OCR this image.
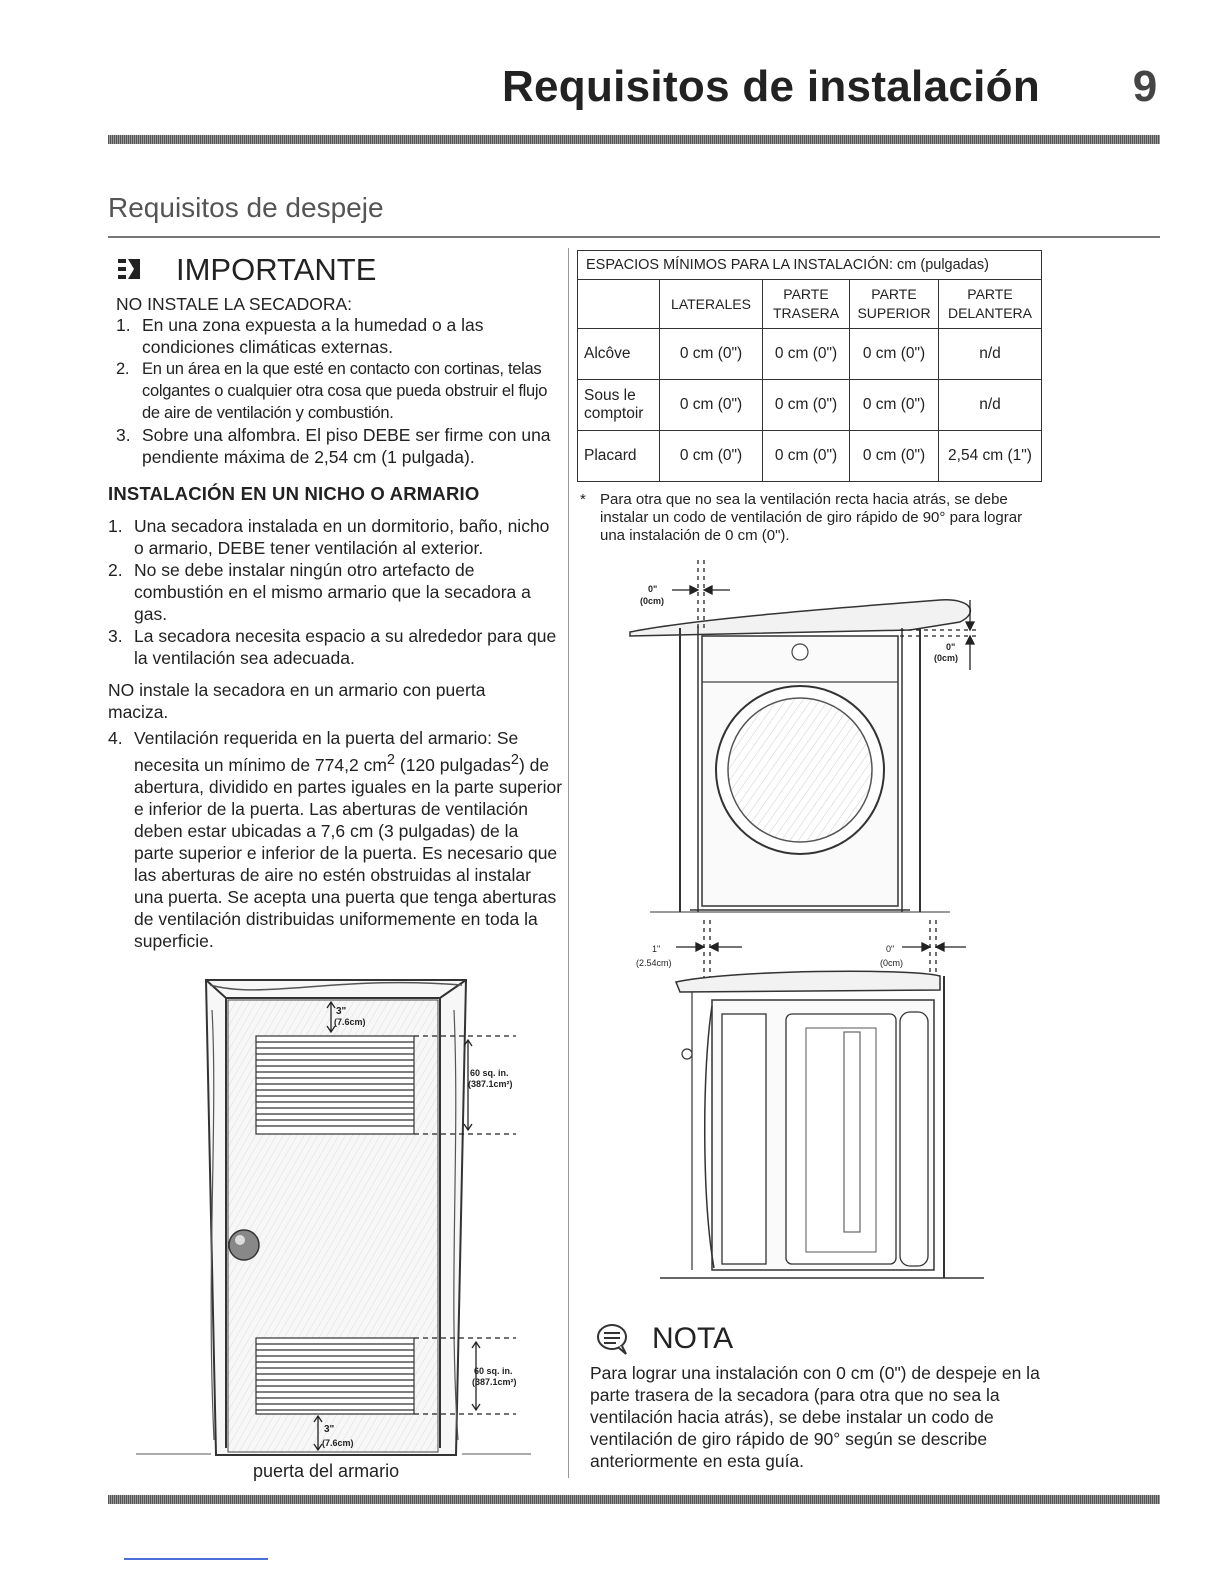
Requisitos de instalación 9
Requisitos de despeje
IMPORTANTE
NO INSTALE LA SECADORA:
1. En una zona expuesta a la humedad o a las condiciones climáticas externas.
2. En un área en la que esté en contacto con cortinas, telas colgantes o cualquier otra cosa que pueda obstruir el flujo de aire de ventilación y combustión.
3. Sobre una alfombra. El piso DEBE ser firme con una pendiente máxima de 2,54 cm (1 pulgada).
INSTALACIÓN EN UN NICHO O ARMARIO
1. Una secadora instalada en un dormitorio, baño, nicho o armario, DEBE tener ventilación al exterior.
2. No se debe instalar ningún otro artefacto de combustión en el mismo armario que la secadora a gas.
3. La secadora necesita espacio a su alrededor para que la ventilación sea adecuada.
NO instale la secadora en un armario con puerta maciza.
4. Ventilación requerida en la puerta del armario: Se necesita un mínimo de 774,2 $cm^2$ (120 pulgadas$^2$) de abertura, dividido en partes iguales en la parte superior e inferior de la puerta. Las aberturas de ventilación deben estar ubicadas a 7,6 cm (3 pulgadas) de la parte superior e inferior de la puerta. Es necesario que las aberturas de aire no estén obstruidas al instalar una puerta. Se acepta una puerta que tenga aberturas de ventilación distribuidas uniformemente en toda la superficie.
3"
(7.6cm)
60 sq. in.
(387.1cm²)
60 sq. in.
(387.1cm²)
3"
(7.6cm)
puerta del armario
ESPACIOS MÍNIMOS PARA LA INSTALACIÓN: cm (pulgadas)				
	LATERALES	PARTE TRASERA	PARTE SUPERIOR	PARTE DELANTERA
Alcôve	0 cm (0")	0 cm (0")	0 cm (0")	n/d
Sous le comptoir	0 cm (0")	0 cm (0")	0 cm (0")	n/d
Placard	0 cm (0")	0 cm (0")	0 cm (0")	2,54 cm (1")
* Para otra que no sea la ventilación recta hacia atrás, se debe instalar un codo de ventilación de giro rápido de 90° para lograr una instalación de 0 cm (0").
0"
(0cm)
0"
(0cm)
1"
(2.54cm)
0"
(0cm)
NOTA
Para lograr una instalación con 0 cm (0") de despeje en la parte trasera de la secadora (para otra que no sea la ventilación hacia atrás), se debe instalar un codo de ventilación de giro rápido de 90° según se describe anteriormente en esta guía.
